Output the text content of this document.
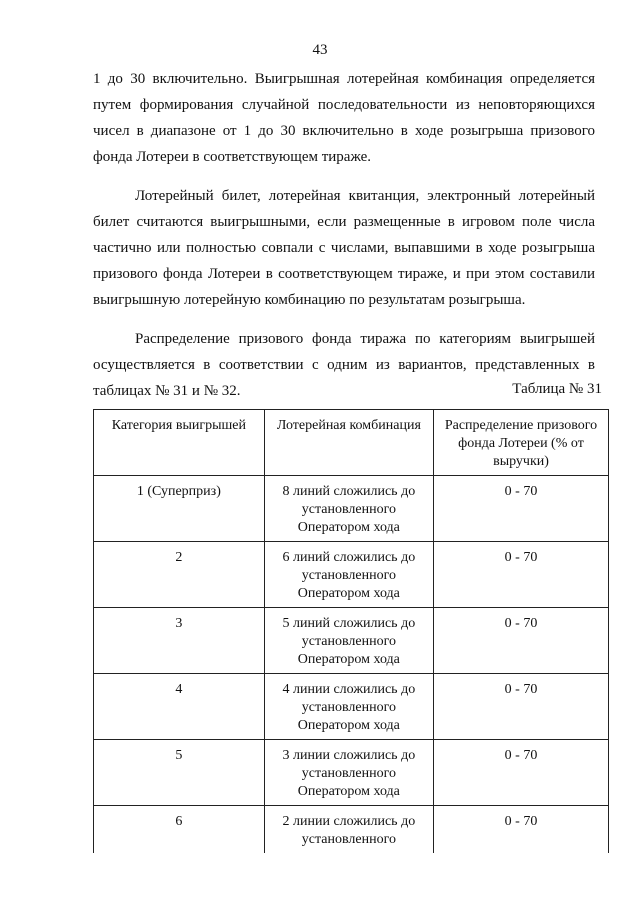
43

1 до 30 включительно. Выигрышная лотерейная комбинация определяется путем формирования случайной последовательности из неповторяющихся чисел в диапазоне от 1 до 30 включительно в ходе розыгрыша призового фонда Лотереи в соответствующем тираже.

Лотерейный билет, лотерейная квитанция, электронный лотерейный билет считаются выигрышными, если размещенные в игровом поле числа частично или полностью совпали с числами, выпавшими в ходе розыгрыша призового фонда Лотереи в соответствующем тираже, и при этом составили выигрышную лотерейную комбинацию по результатам розыгрыша.

Распределение призового фонда тиража по категориям выигрышей осуществляется в соответствии с одним из вариантов, представленных в таблицах № 31 и № 32.	Таблица № 31
Категория выигрышей	Лотерейная комбинация	Распределение призового фонда Лотереи (% от выручки)
1 (Суперприз)	8 линий сложились до установленного Оператором хода	0 - 70
2	6 линий сложились до установленного Оператором хода	0 - 70
3	5 линий сложились до установленного Оператором хода	0 - 70
4	4 линии сложились до установленного Оператором хода	0 - 70
5	3 линии сложились до установленного Оператором хода	0 - 70
6	2 линии сложились до установленного	0 - 70
